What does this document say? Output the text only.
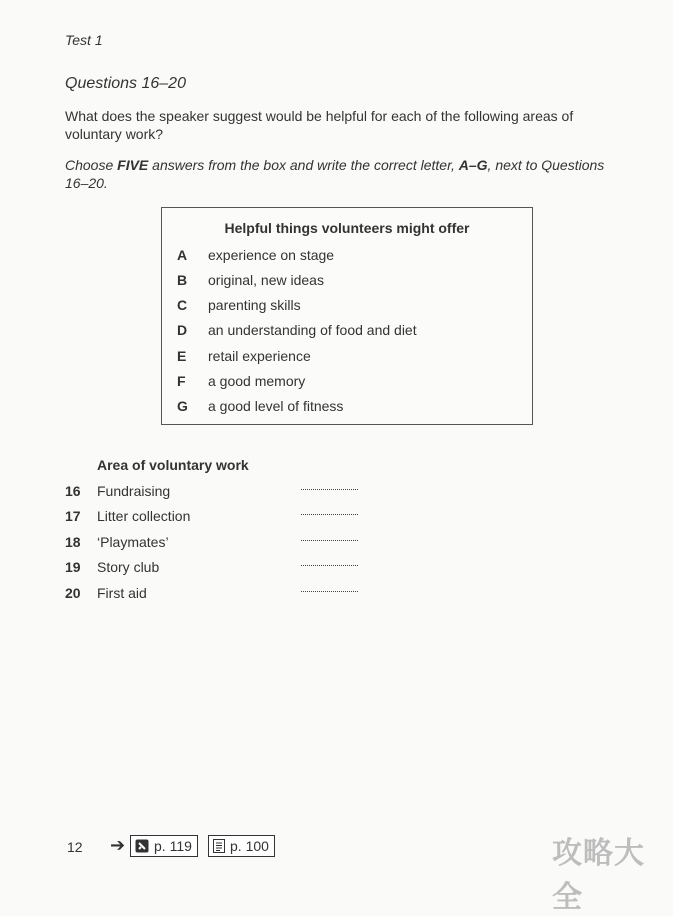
Test 1
Questions 16–20
What does the speaker suggest would be helpful for each of the following areas of voluntary work?
Choose FIVE answers from the box and write the correct letter, A–G, next to Questions 16–20.
Helpful things volunteers might offer
A experience on stage
B original, new ideas
C parenting skills
D an understanding of food and diet
E retail experience
F a good memory
G a good level of fitness
Area of voluntary work
16 Fundraising
17 Litter collection
18 ‘Playmates’
19 Story club
20 First aid
12 ➔ p. 119	p. 100	攻略大全
